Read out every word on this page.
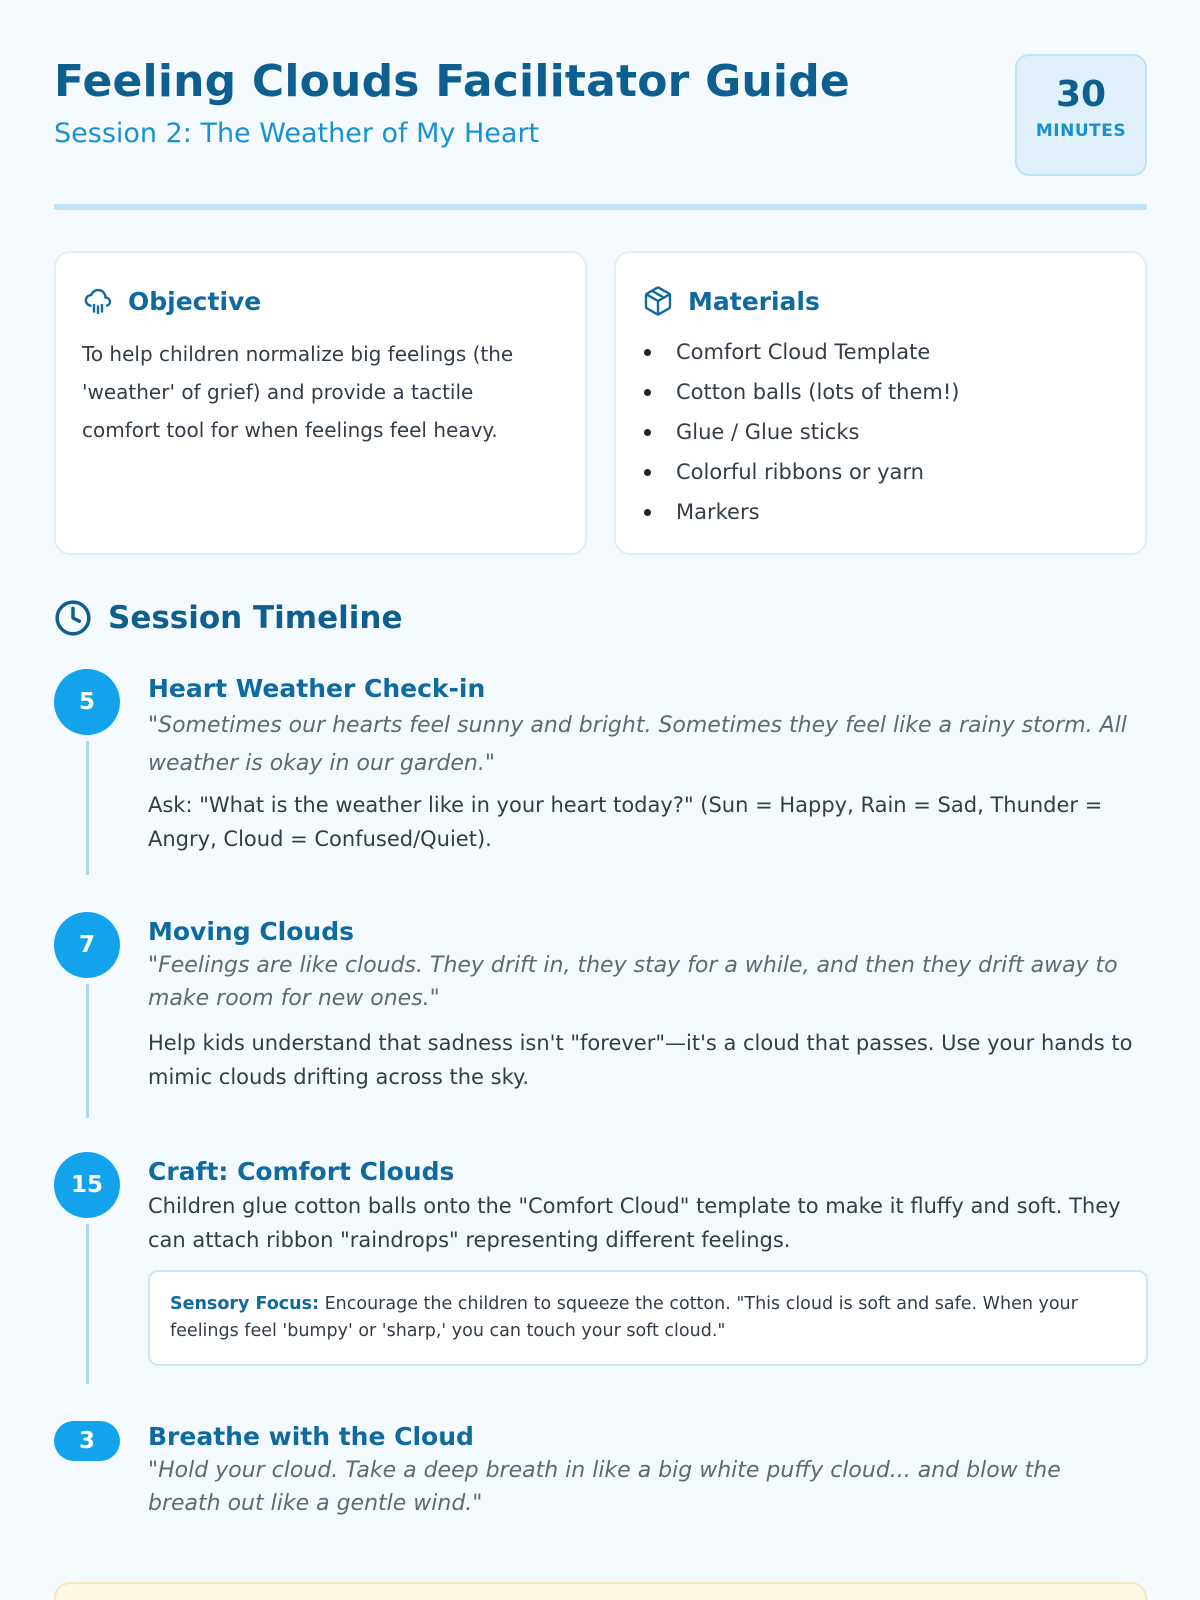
Feeling Clouds Facilitator Guide
Session 2: The Weather of My Heart
30
MINUTES
Objective

To help children normalize big feelings (the 'weather' of grief) and provide a tactile comfort tool for when feelings feel heavy.

Materials
Comfort Cloud Template
Cotton balls (lots of them!)
Glue / Glue sticks
Colorful ribbons or yarn
Markers
Session Timeline
5	Heart Weather Check-in

"Sometimes our hearts feel sunny and bright. Sometimes they feel like a rainy storm. All weather is okay in our garden."

Ask: "What is the weather like in your heart today?" (Sun = Happy, Rain = Sad, Thunder = Angry, Cloud = Confused/Quiet).

7	Moving Clouds

"Feelings are like clouds. They drift in, they stay for a while, and then they drift away to make room for new ones."

Help kids understand that sadness isn't "forever"—it's a cloud that passes. Use your hands to mimic clouds drifting across the sky.

15	Craft: Comfort Clouds

Children glue cotton balls onto the "Comfort Cloud" template to make it fluffy and soft. They can attach ribbon "raindrops" representing different feelings.

Sensory Focus: Encourage the children to squeeze the cotton. "This cloud is soft and safe. When your feelings feel 'bumpy' or 'sharp,' you can touch your soft cloud."
3	Breathe with the Cloud

"Hold your cloud. Take a deep breath in like a big white puffy cloud... and blow the breath out like a gentle wind."
